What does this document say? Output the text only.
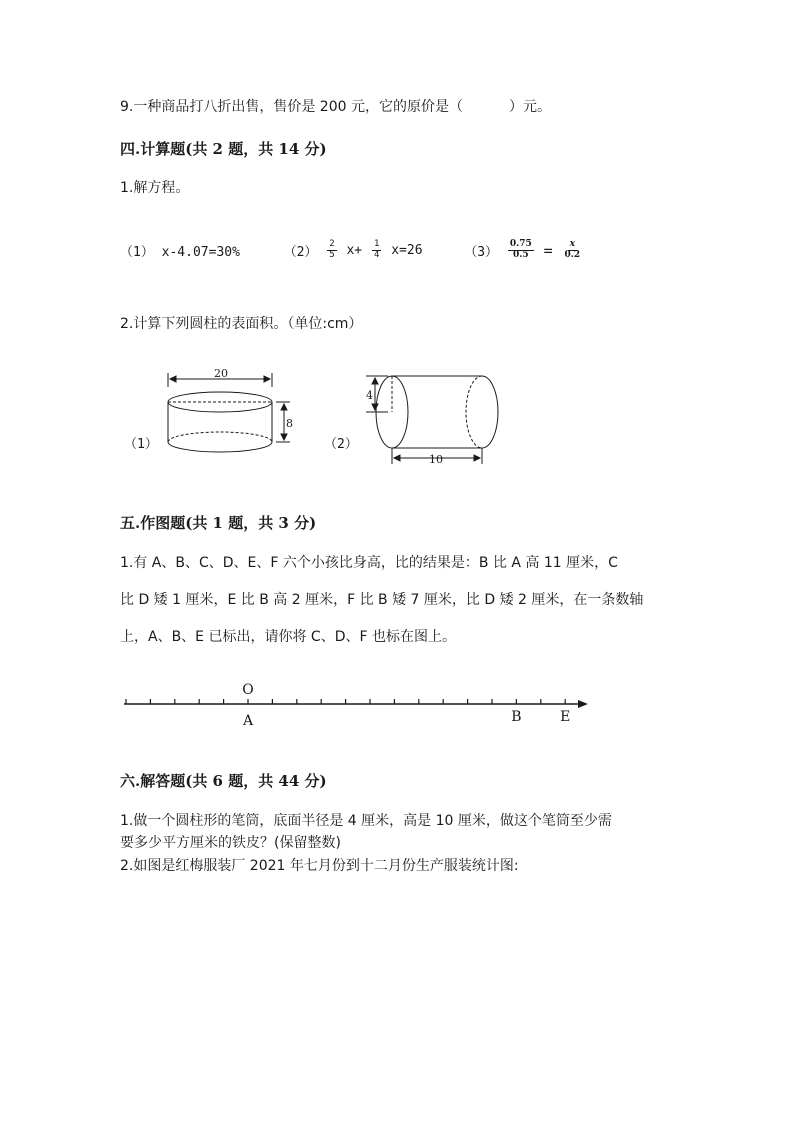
9.一种商品打八折出售，售价是 200 元，它的原价是（	）元。
四.计算题(共 2 题，共 14 分)
1.解方程。
（1） x-4.07=30%	$(2) \frac{2}{5} x+ \frac{1}{4} x=26$	$(3) \frac{0.75}{0.5} = \frac{x}{0.2}$
2.计算下列圆柱的表面积。（单位:cm）
（1）	（2）
20
8
4
10
五.作图题(共 1 题，共 3 分)
1.有 A、B、C、D、E、F 六个小孩比身高，比的结果是：B 比 A 高 11 厘米，C
比 D 矮 1 厘米，E 比 B 高 2 厘米，F 比 B 矮 7 厘米，比 D 矮 2 厘米，在一条数轴
上，A、B、E 已标出，请你将 C、D、F 也标在图上。
O
A	B	E
六.解答题(共 6 题，共 44 分)
1.做一个圆柱形的笔筒，底面半径是 4 厘米，高是 10 厘米，做这个笔筒至少需
要多少平方厘米的铁皮？(保留整数)
2.如图是红梅服装厂 2021 年七月份到十二月份生产服装统计图:
